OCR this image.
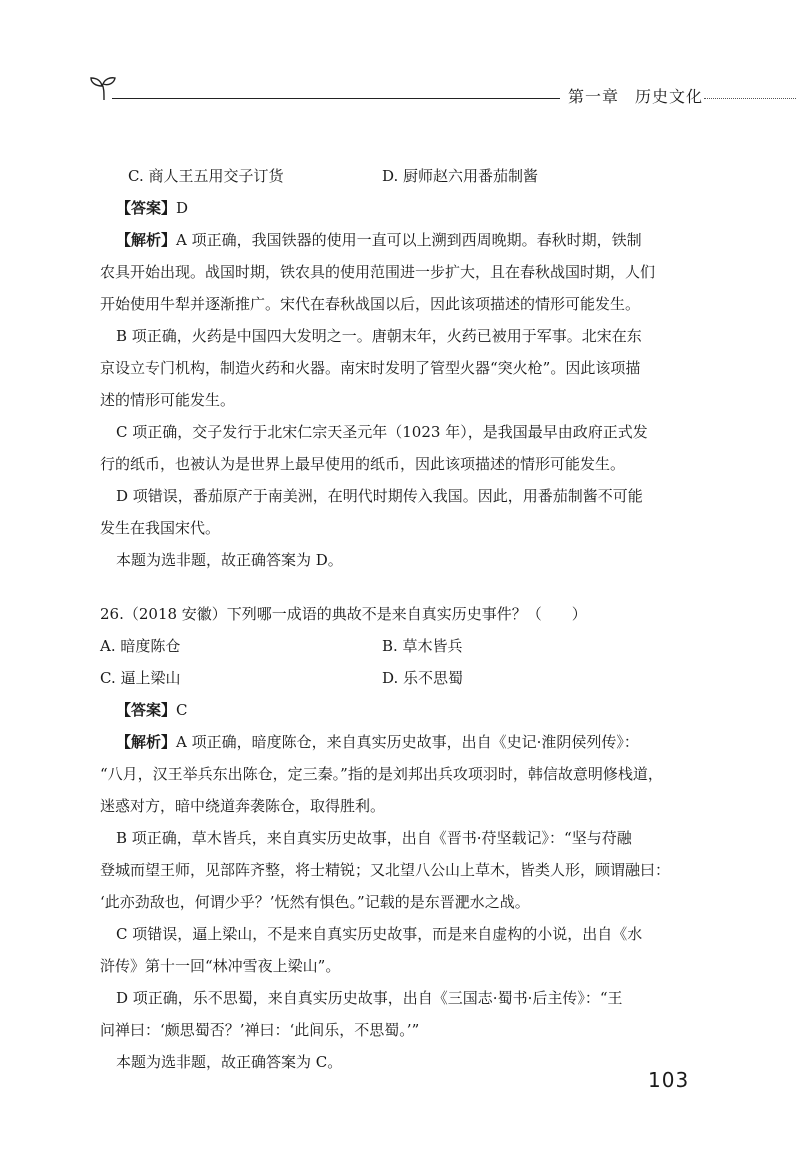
第一章 历史文化
C. 商人王五用交子订货	D. 厨师赵六用番茄制酱
【答案】D
【解析】A 项正确，我国铁器的使用一直可以上溯到西周晚期。春秋时期，铁制
农具开始出现。战国时期，铁农具的使用范围进一步扩大，且在春秋战国时期，人们
开始使用牛犁并逐渐推广。宋代在春秋战国以后，因此该项描述的情形可能发生。
B 项正确，火药是中国四大发明之一。唐朝末年，火药已被用于军事。北宋在东
京设立专门机构，制造火药和火器。南宋时发明了管型火器“突火枪”。因此该项描
述的情形可能发生。
C 项正确，交子发行于北宋仁宗天圣元年（1023 年），是我国最早由政府正式发
行的纸币，也被认为是世界上最早使用的纸币，因此该项描述的情形可能发生。
D 项错误，番茄原产于南美洲，在明代时期传入我国。因此，用番茄制酱不可能
发生在我国宋代。
本题为选非题，故正确答案为 D。
26.（2018 安徽）下列哪一成语的典故不是来自真实历史事件？（　　）
A. 暗度陈仓	B. 草木皆兵
C. 逼上梁山	D. 乐不思蜀
【答案】C
【解析】A 项正确，暗度陈仓，来自真实历史故事，出自《史记·淮阴侯列传》：
“八月，汉王举兵东出陈仓，定三秦。”指的是刘邦出兵攻项羽时，韩信故意明修栈道，
迷惑对方，暗中绕道奔袭陈仓，取得胜利。
B 项正确，草木皆兵，来自真实历史故事，出自《晋书·苻坚载记》：“坚与苻融
登城而望王师，见部阵齐整，将士精锐；又北望八公山上草木，皆类人形，顾谓融曰：
‘此亦劲敌也，何谓少乎？’怃然有惧色。”记载的是东晋淝水之战。
C 项错误，逼上梁山，不是来自真实历史故事，而是来自虚构的小说，出自《水
浒传》第十一回“林冲雪夜上梁山”。
D 项正确，乐不思蜀，来自真实历史故事，出自《三国志·蜀书·后主传》：“王
问禅曰：‘颇思蜀否？’禅曰：‘此间乐，不思蜀。’”
本题为选非题，故正确答案为 C。
103
